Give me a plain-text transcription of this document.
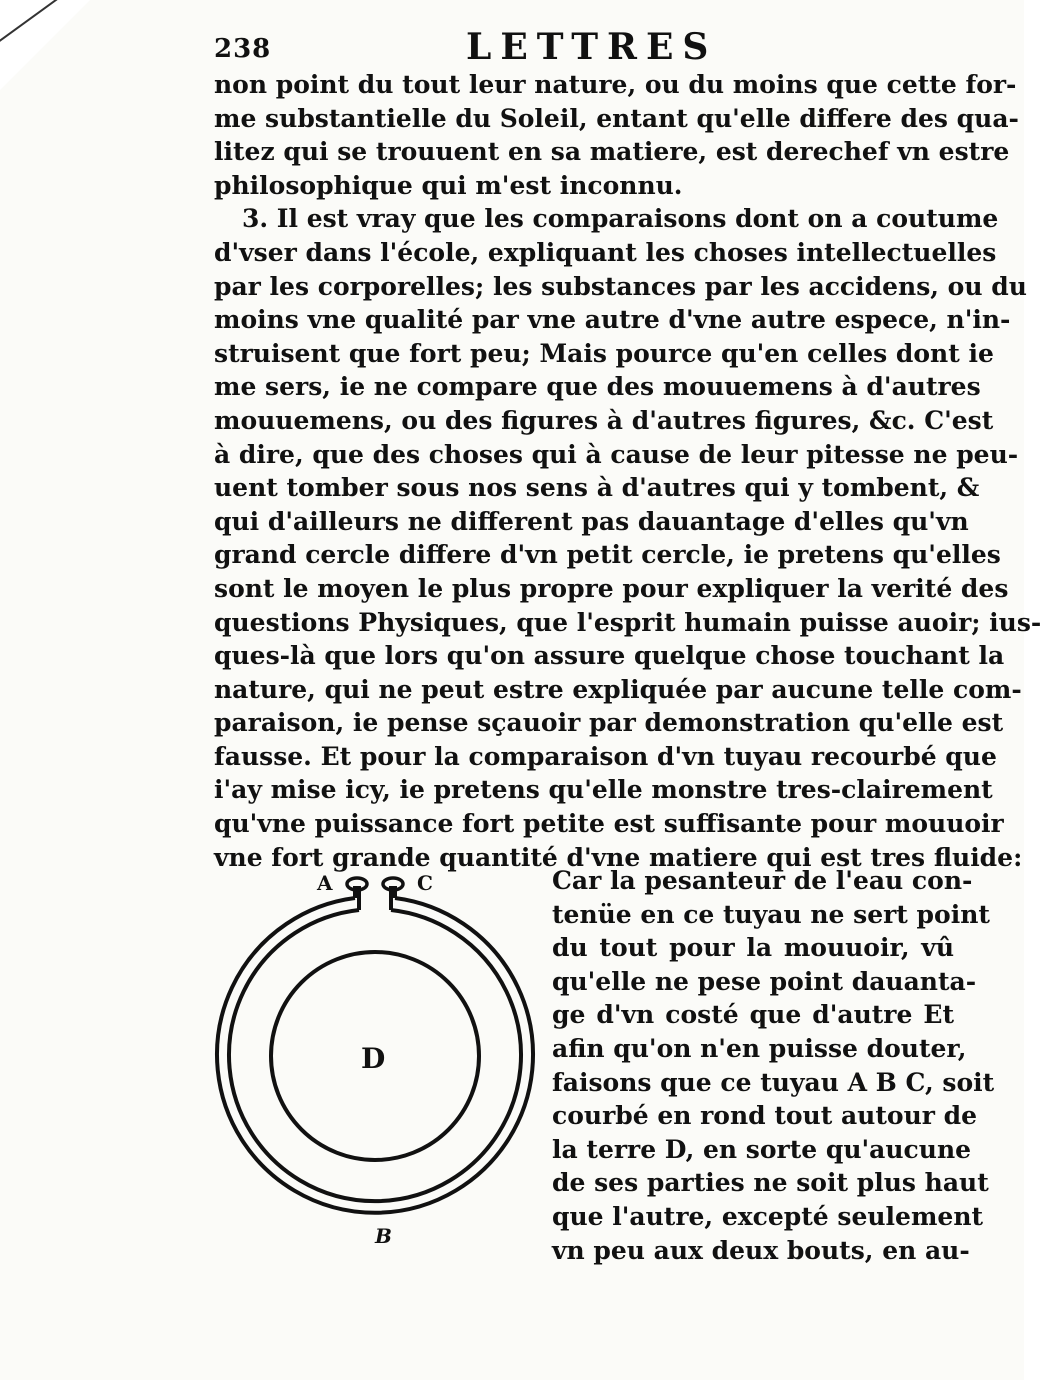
238	LETTRES
non point du tout leur nature, ou du moins que cette for-
me substantielle du Soleil, entant qu'elle differe des qua-
litez qui se trouuent en sa matiere, est derechef vn estre
philosophique qui m'est inconnu.
3. Il est vray que les comparaisons dont on a coutume
d'vser dans l'école, expliquant les choses intellectuelles
par les corporelles; les substances par les accidens, ou du
moins vne qualité par vne autre d'vne autre espece, n'in-
struisent que fort peu; Mais pource qu'en celles dont ie
me sers, ie ne compare que des mouuemens à d'autres
mouuemens, ou des figures à d'autres figures, &c. C'est
à dire, que des choses qui à cause de leur pitesse ne peu-
uent tomber sous nos sens à d'autres qui y tombent, &
qui d'ailleurs ne different pas dauantage d'elles qu'vn
grand cercle differe d'vn petit cercle, ie pretens qu'elles
sont le moyen le plus propre pour expliquer la verité des
questions Physiques, que l'esprit humain puisse auoir; ius-
ques-là que lors qu'on assure quelque chose touchant la
nature, qui ne peut estre expliquée par aucune telle com-
paraison, ie pense sçauoir par demonstration qu'elle est
fausse. Et pour la comparaison d'vn tuyau recourbé que
i'ay mise icy, ie pretens qu'elle monstre tres-clairement
qu'vne puissance fort petite est suffisante pour mouuoir
vne fort grande quantité d'vne matiere qui est tres fluide:
A	C
D
B
Car la pesanteur de l'eau con-
tenüe en ce tuyau ne sert point
du tout pour la mouuoir, vû
qu'elle ne pese point dauanta-
ge d'vn costé que d'autre Et
afin qu'on n'en puisse douter,
faisons que ce tuyau A B C, soit
courbé en rond tout autour de
la terre D, en sorte qu'aucune
de ses parties ne soit plus haut
que l'autre, excepté seulement
vn peu aux deux bouts, en au-
